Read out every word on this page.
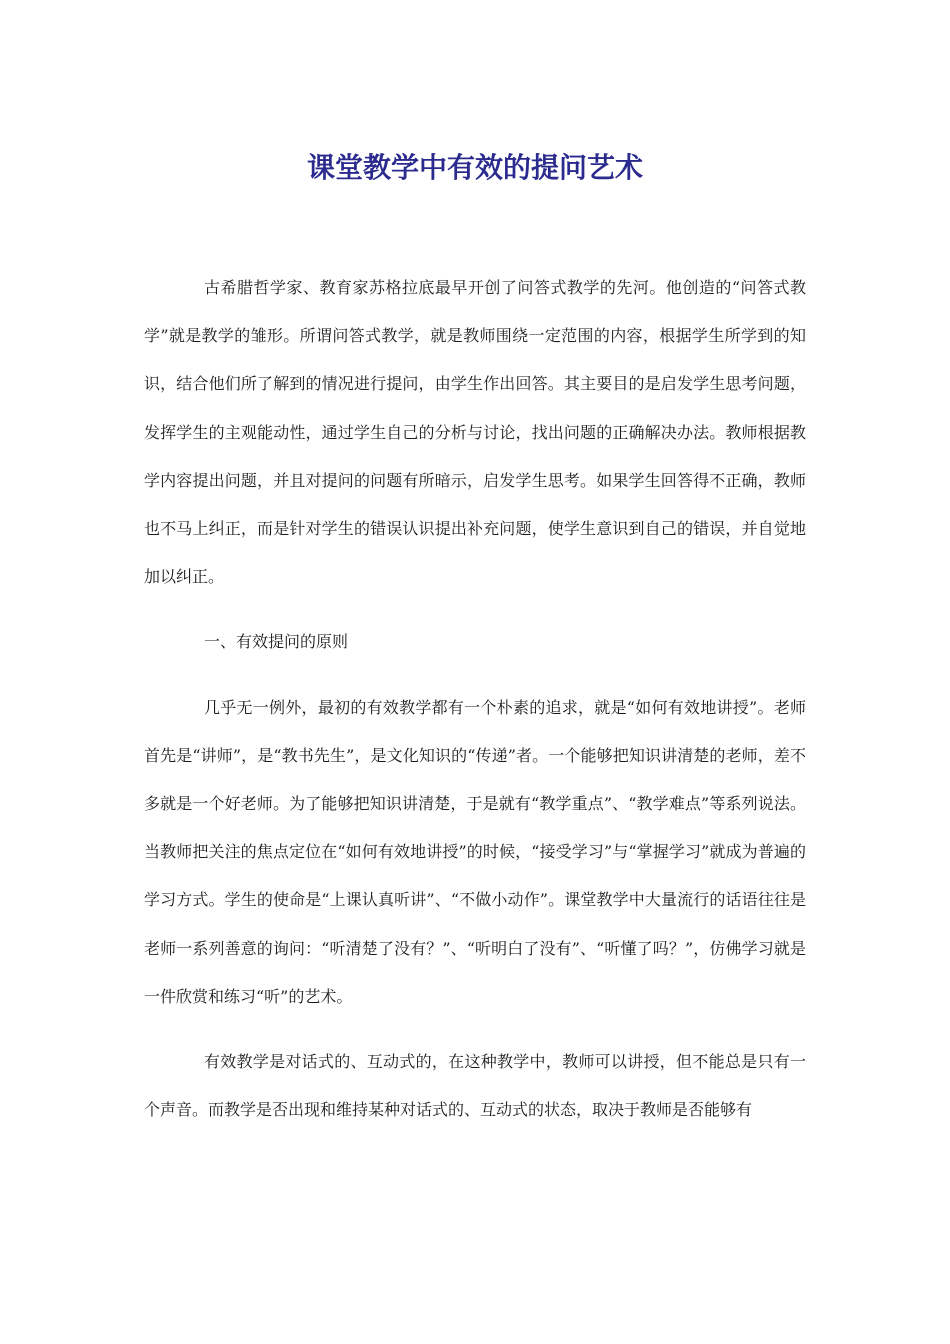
课堂教学中有效的提问艺术

古希腊哲学家、教育家苏格拉底最早开创了问答式教学的先河。他创造的“问答式教学”就是教学的雏形。所谓问答式教学，就是教师围绕一定范围的内容，根据学生所学到的知识，结合他们所了解到的情况进行提问，由学生作出回答。其主要目的是启发学生思考问题，发挥学生的主观能动性，通过学生自己的分析与讨论，找出问题的正确解决办法。教师根据教学内容提出问题，并且对提问的问题有所暗示，启发学生思考。如果学生回答得不正确，教师也不马上纠正，而是针对学生的错误认识提出补充问题，使学生意识到自己的错误，并自觉地加以纠正。

一、有效提问的原则

几乎无一例外，最初的有效教学都有一个朴素的追求，就是“如何有效地讲授”。老师首先是“讲师”，是“教书先生”，是文化知识的“传递”者。一个能够把知识讲清楚的老师，差不多就是一个好老师。为了能够把知识讲清楚，于是就有“教学重点”、“教学难点”等系列说法。当教师把关注的焦点定位在“如何有效地讲授”的时候，“接受学习”与“掌握学习”就成为普遍的学习方式。学生的使命是“上课认真听讲”、“不做小动作”。课堂教学中大量流行的话语往往是老师一系列善意的询问：“听清楚了没有？”、“听明白了没有”、“听懂了吗？”，仿佛学习就是一件欣赏和练习“听”的艺术。

有效教学是对话式的、互动式的，在这种教学中，教师可以讲授，但不能总是只有一个声音。而教学是否出现和维持某种对话式的、互动式的状态，取决于教师是否能够有
